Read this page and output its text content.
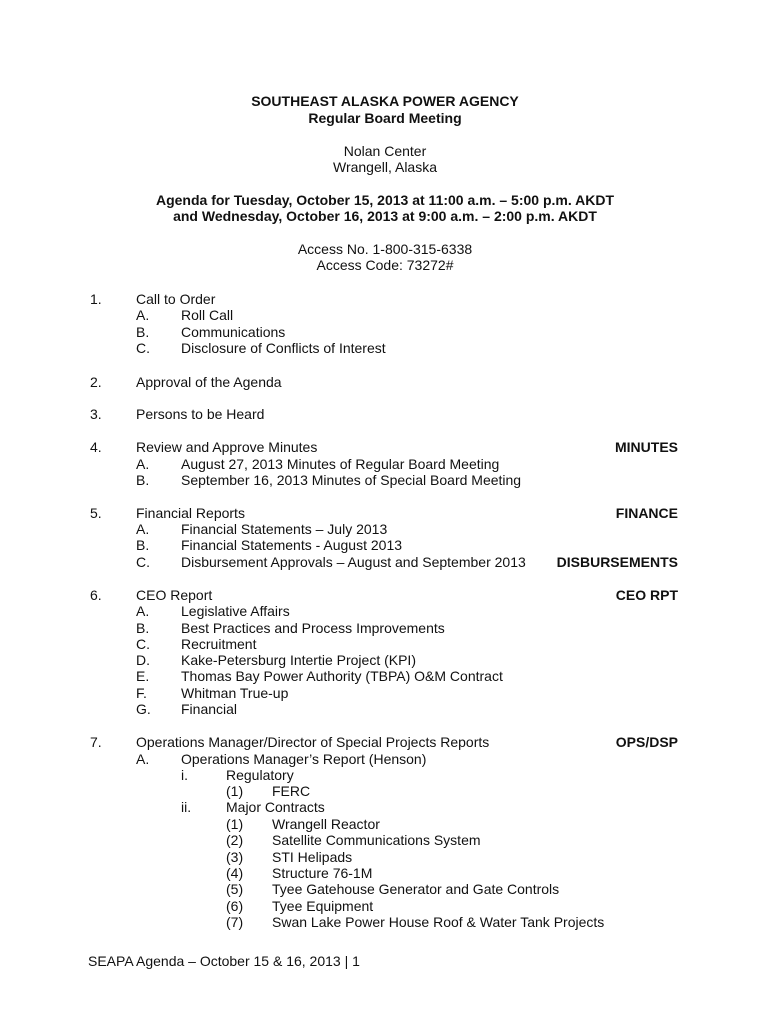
SOUTHEAST ALASKA POWER AGENCY
Regular Board Meeting
Nolan Center
Wrangell, Alaska
Agenda for Tuesday, October 15, 2013 at 11:00 a.m. – 5:00 p.m. AKDT
and Wednesday, October 16, 2013 at 9:00 a.m. – 2:00 p.m. AKDT
Access No. 1-800-315-6338
Access Code: 73272#
1. Call to Order
A. Roll Call
B. Communications
C. Disclosure of Conflicts of Interest
2. Approval of the Agenda
3. Persons to be Heard
4. Review and Approve Minutes	MINUTES
A. August 27, 2013 Minutes of Regular Board Meeting
B. September 16, 2013 Minutes of Special Board Meeting
5. Financial Reports	FINANCE
A. Financial Statements – July 2013
B. Financial Statements - August 2013
C. Disbursement Approvals – August and September 2013 DISBURSEMENTS
6. CEO Report	CEO RPT
A. Legislative Affairs
B. Best Practices and Process Improvements
C. Recruitment
D. Kake-Petersburg Intertie Project (KPI)
E. Thomas Bay Power Authority (TBPA) O&M Contract
F. Whitman True-up
G. Financial
7. Operations Manager/Director of Special Projects Reports	OPS/DSP
A. Operations Manager’s Report (Henson)
i.	Regulatory
(1) FERC
ii. Major Contracts
(1) Wrangell Reactor
(2) Satellite Communications System
(3) STI Helipads
(4) Structure 76-1M
(5) Tyee Gatehouse Generator and Gate Controls
(6) Tyee Equipment
(7) Swan Lake Power House Roof & Water Tank Projects
SEAPA Agenda – October 15 & 16, 2013 | 1
